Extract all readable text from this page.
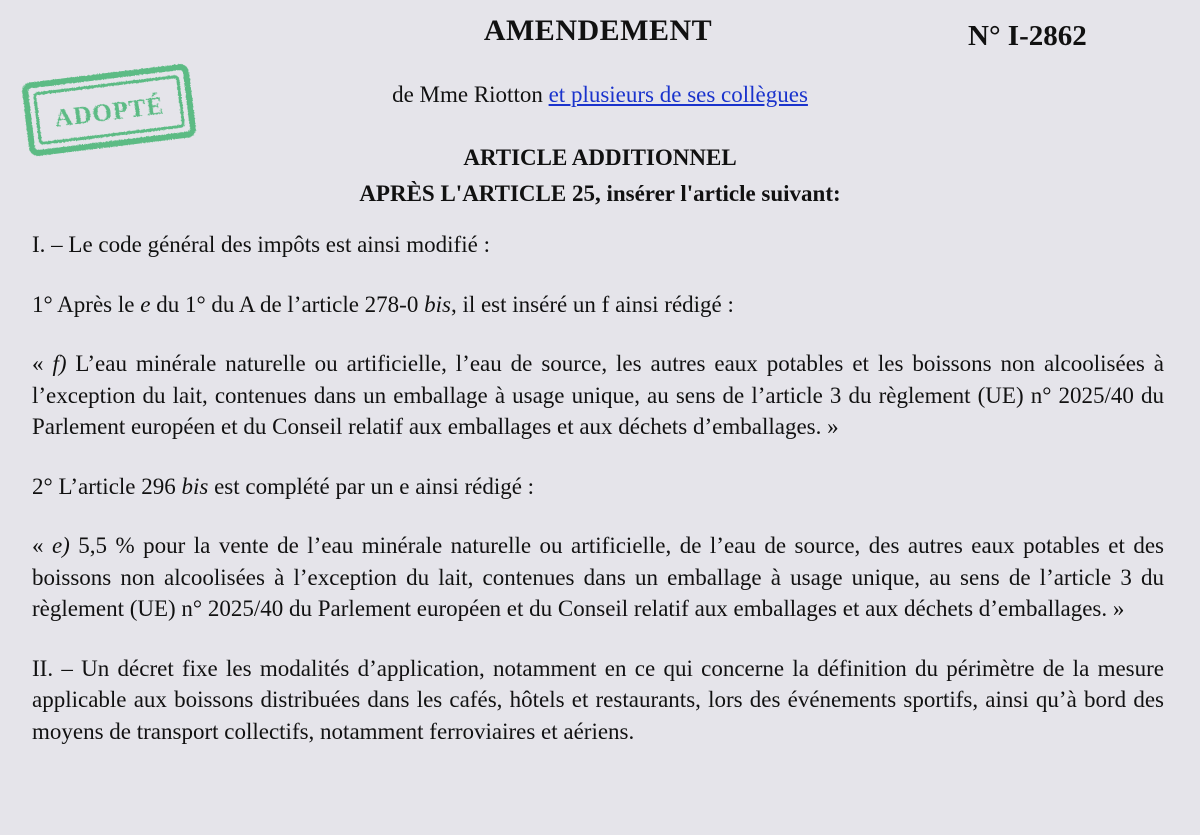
AMENDEMENT	N° I-2862
ADOPTÉ	de Mme Riotton et plusieurs de ses collègues
ARTICLE ADDITIONNEL
APRÈS L'ARTICLE 25, insérer l'article suivant:

I. – Le code général des impôts est ainsi modifié :

1° Après le e du 1° du A de l’article 278-0 bis, il est inséré un f ainsi rédigé :

« f) L’eau minérale naturelle ou artificielle, l’eau de source, les autres eaux potables et les boissons non alcoolisées à l’exception du lait, contenues dans un emballage à usage unique, au sens de l’article 3 du règlement (UE) n° 2025/40 du Parlement européen et du Conseil relatif aux emballages et aux déchets d’emballages. »

2° L’article 296 bis est complété par un e ainsi rédigé :

« e) 5,5 % pour la vente de l’eau minérale naturelle ou artificielle, de l’eau de source, des autres eaux potables et des boissons non alcoolisées à l’exception du lait, contenues dans un emballage à usage unique, au sens de l’article 3 du règlement (UE) n° 2025/40 du Parlement européen et du Conseil relatif aux emballages et aux déchets d’emballages. »

II. – Un décret fixe les modalités d’application, notamment en ce qui concerne la définition du périmètre de la mesure applicable aux boissons distribuées dans les cafés, hôtels et restaurants, lors des événements sportifs, ainsi qu’à bord des moyens de transport collectifs, notamment ferroviaires et aériens.
